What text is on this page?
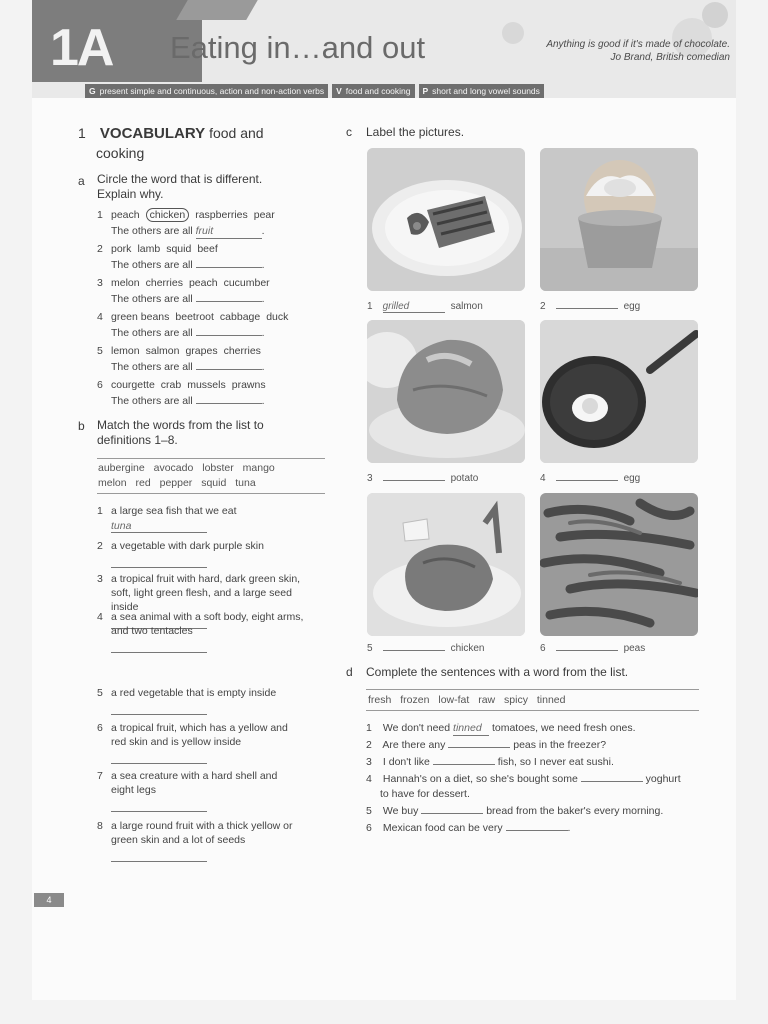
1A Eating in…and out	Anything is good if it's made of chocolate.
Jo Brand, British comedian
G present simple and continuous, action and non-action verbs V food and cooking P short and long vowel sounds
1 VOCABULARY food and
cooking
a Circle the word that is different.
Explain why.
1 peach chicken raspberries pear
The others are all fruit	.
2 pork lamb squid beef
The others are all	.
3 melon cherries peach cucumber
The others are all	.
4 green beans beetroot cabbage duck
The others are all	.
5 lemon salmon grapes cherries
The others are all	.
6 courgette crab mussels prawns
The others are all	.
b Match the words from the list to
definitions 1–8.
aubergine avocado lobster mango
melon red pepper squid tuna
1 a large sea fish that we eat
tuna
2 a vegetable with dark purple skin
3 a tropical fruit with hard, dark green skin,
soft, light green flesh, and a large seed
inside
4 a sea animal with a soft body, eight arms,
and two tentacles
5 a red vegetable that is empty inside
6 a tropical fruit, which has a yellow and
red skin and is yellow inside
7 a sea creature with a hard shell and
eight legs
8 a large round fruit with a thick yellow or
green skin and a lot of seeds
c Label the pictures.
1 grilled	salmon	2	egg
3	potato	4	egg
5	chicken	6	peas
d Complete the sentences with a word from the list.
fresh frozen low-fat raw spicy tinned
1 We don't need tinned tomatoes, we need fresh ones.
2 Are there any	peas in the freezer?
3 I don't like	fish, so I never eat sushi.
4 Hannah's on a diet, so she's bought some	yoghurt
to have for dessert.
5 We buy	bread from the baker's every morning.
6 Mexican food can be very	.
4
